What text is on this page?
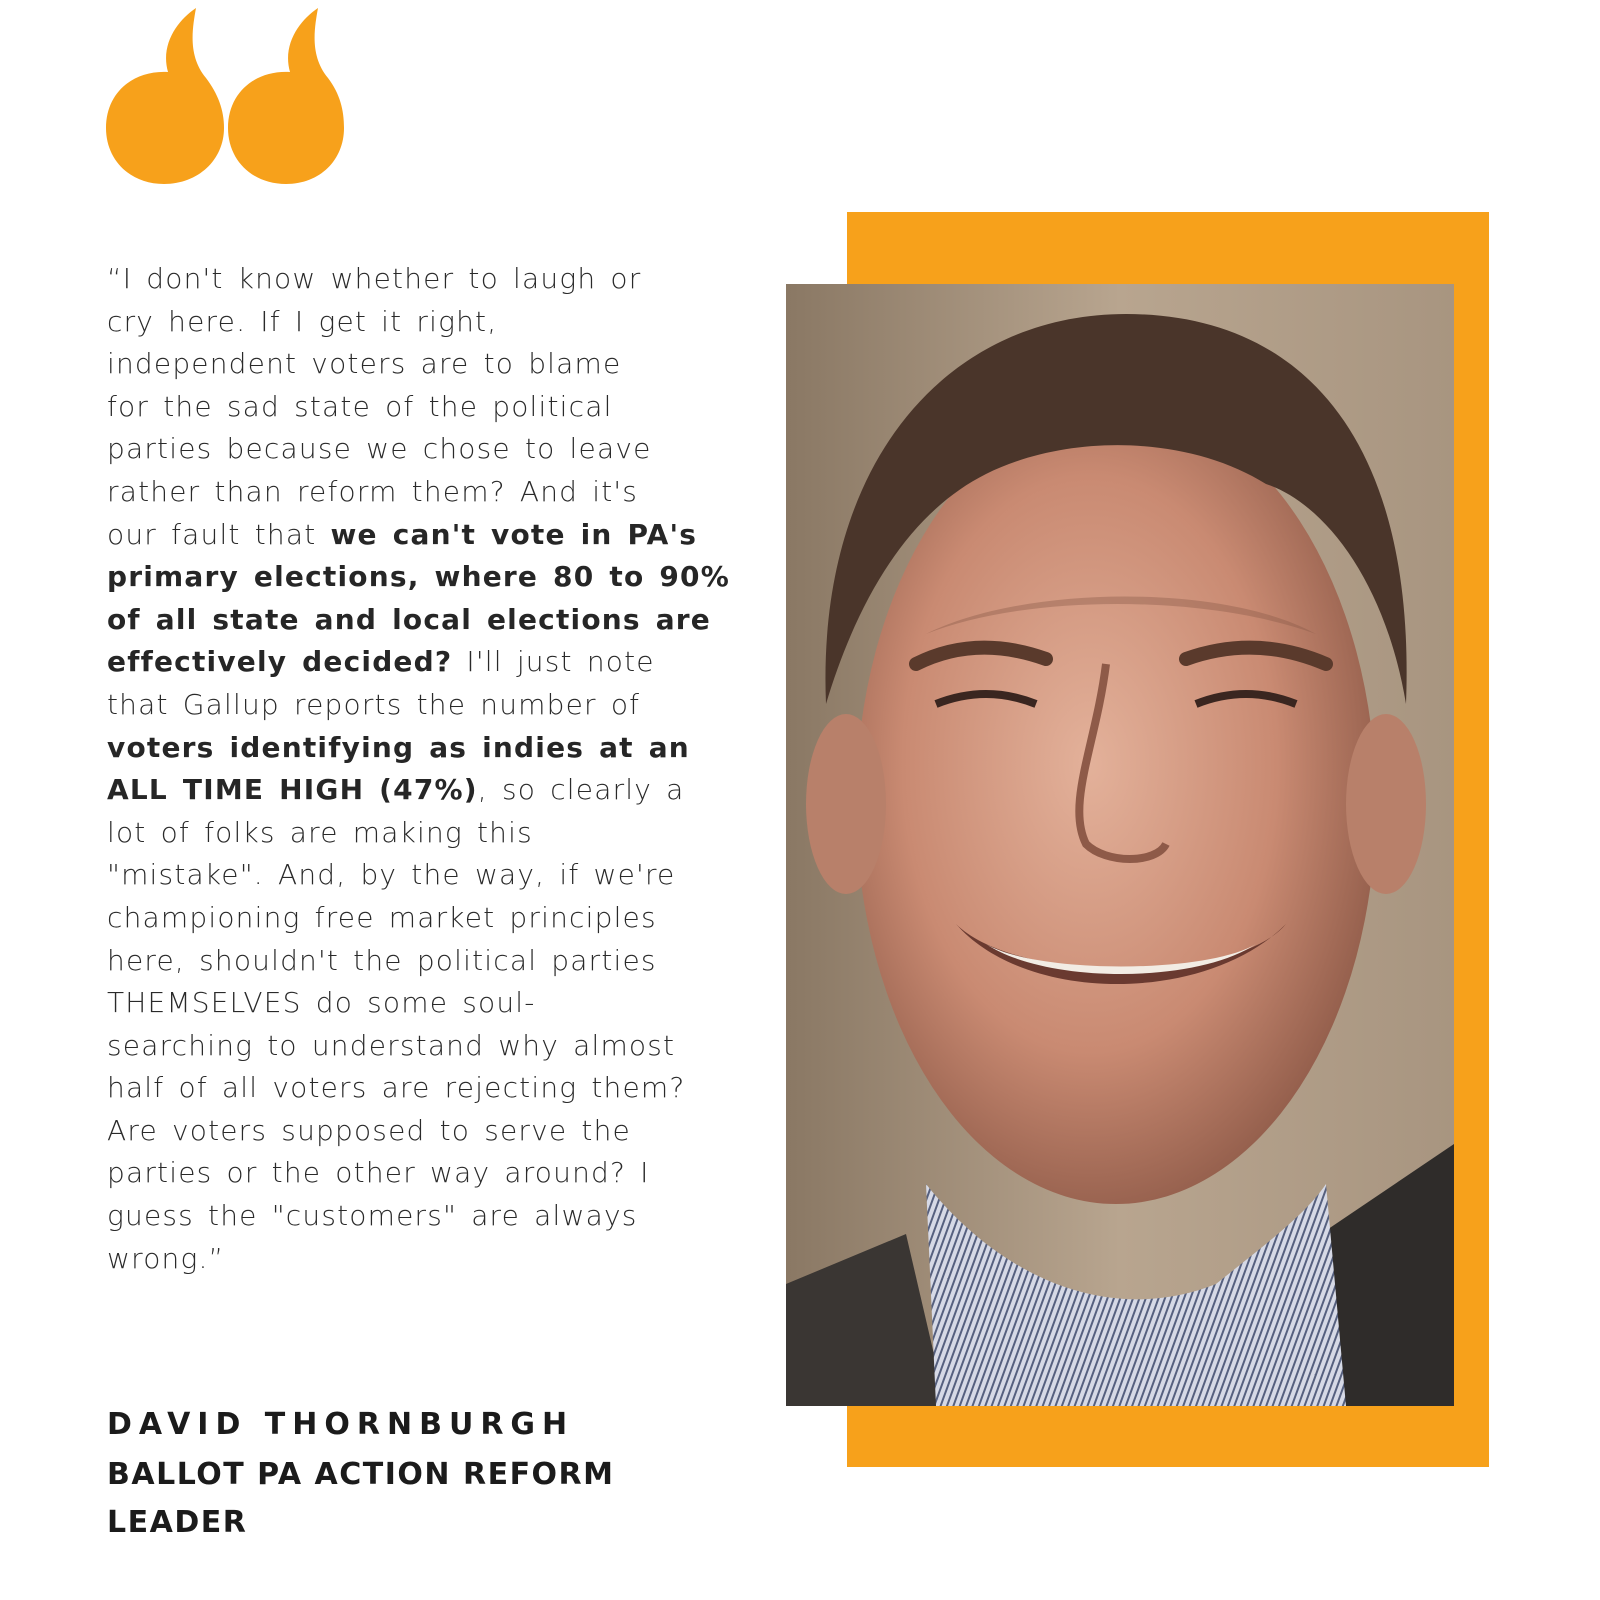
“I don't know whether to laugh or
cry here. If I get it right,
independent voters are to blame
for the sad state of the political
parties because we chose to leave
rather than reform them? And it's
our fault that we can't vote in PA's
primary elections, where 80 to 90%
of all state and local elections are
effectively decided? I'll just note
that Gallup reports the number of
voters identifying as indies at an
ALL TIME HIGH (47%), so clearly a
lot of folks are making this
"mistake". And, by the way, if we're
championing free market principles
here, shouldn't the political parties
THEMSELVES do some soul-
searching to understand why almost
half of all voters are rejecting them?
Are voters supposed to serve the
parties or the other way around? I
guess the "customers" are always
wrong.”

DAVID THORNBURGH
BALLOT PA ACTION REFORM LEADER
